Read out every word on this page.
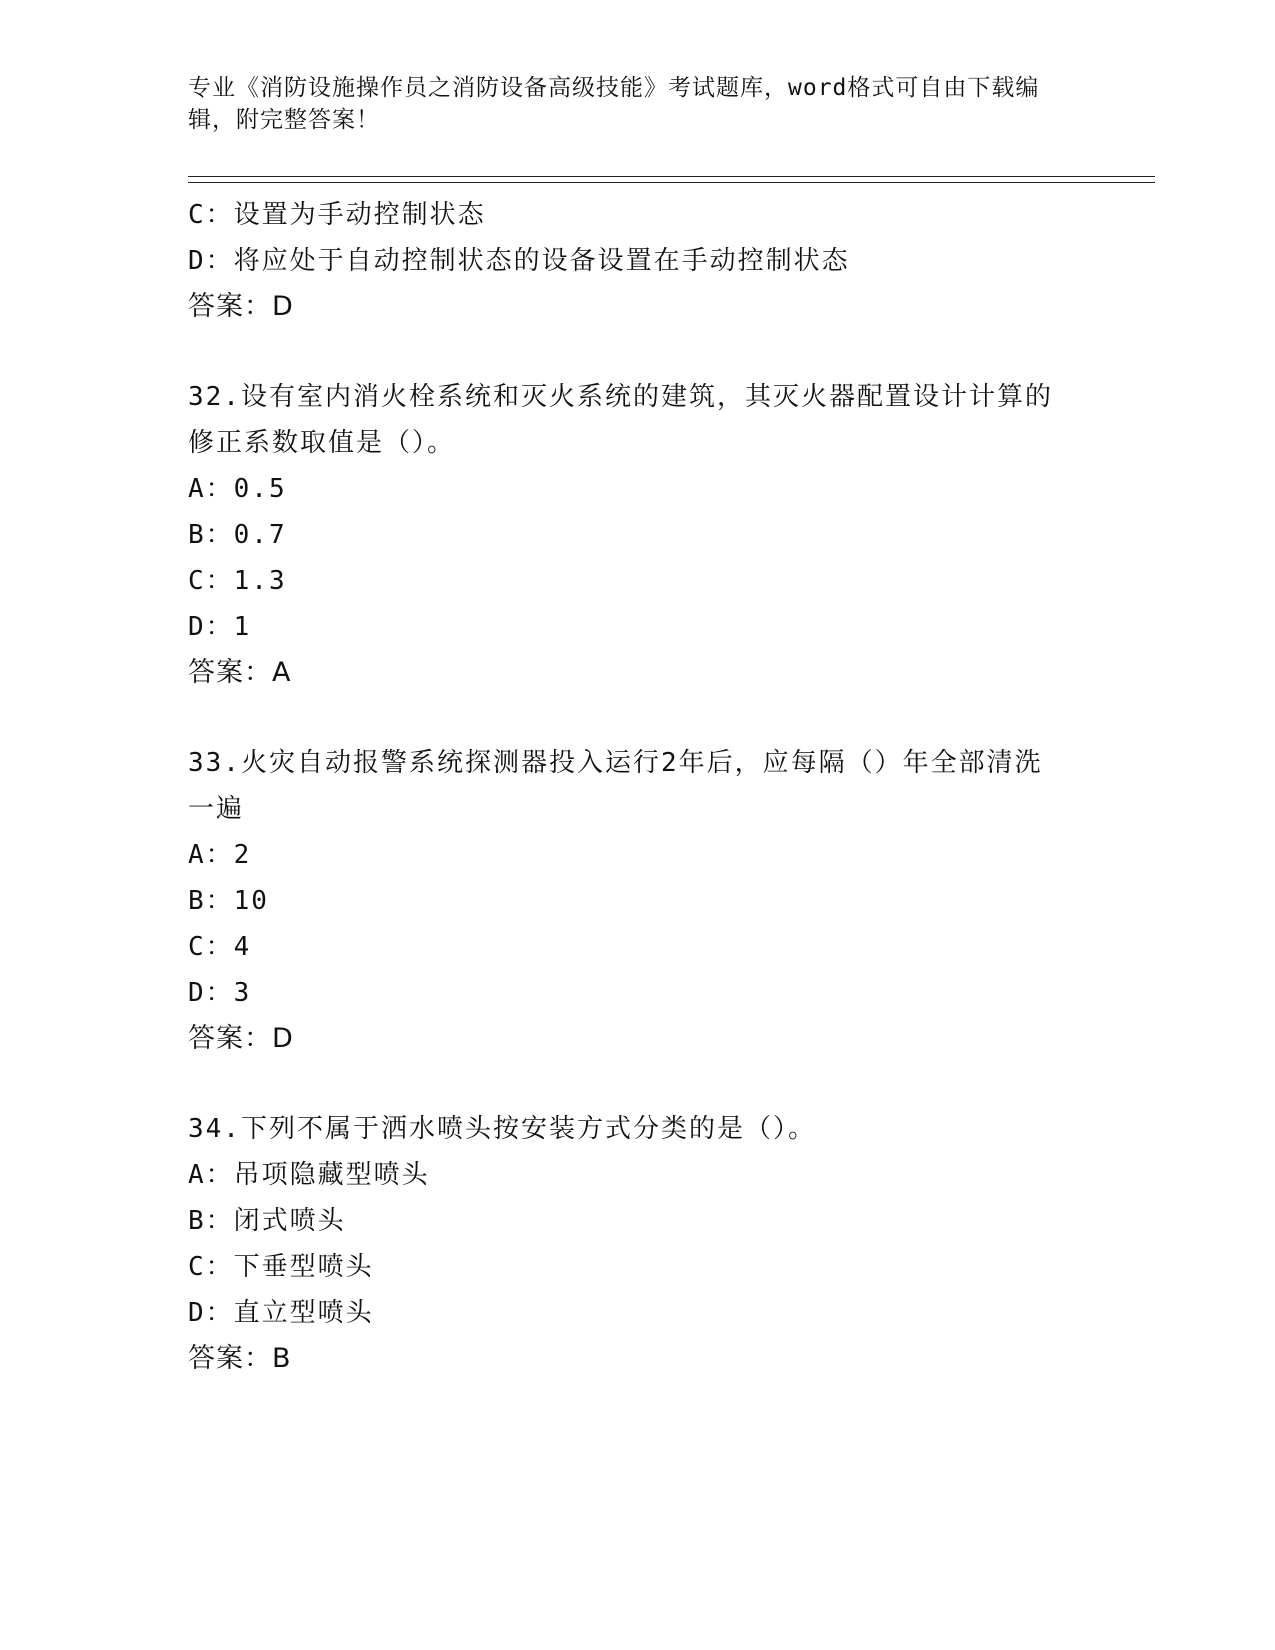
专业《消防设施操作员之消防设备高级技能》考试题库，word格式可自由下载编
辑，附完整答案！
C：设置为手动控制状态
D：将应处于自动控制状态的设备设置在手动控制状态
答案：D
32.设有室内消火栓系统和灭火系统的建筑，其灭火器配置设计计算的
修正系数取值是（）。
A：0.5
B：0.7
C：1.3
D：1
答案：A
33.火灾自动报警系统探测器投入运行2年后，应每隔（）年全部清洗
一遍
A：2
B：10
C：4
D：3
答案：D
34.下列不属于洒水喷头按安装方式分类的是（）。
A：吊项隐藏型喷头
B：闭式喷头
C：下垂型喷头
D：直立型喷头
答案：B
